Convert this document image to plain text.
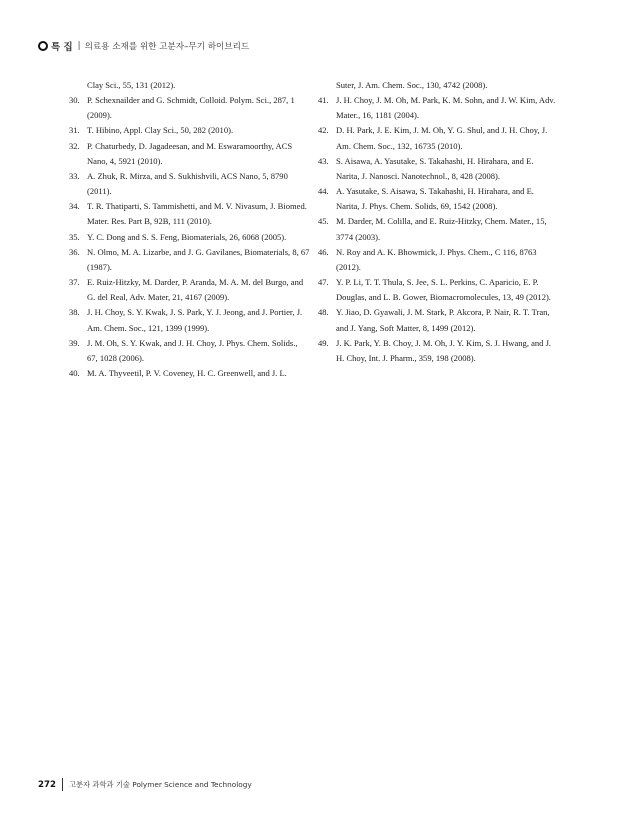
특 집 | 의료용 소재를 위한 고분자–무기 하이브리드
Clay Sci., 55, 131 (2012).
30. P. Schexnailder and G. Schmidt, Colloid. Polym. Sci., 287, 1 (2009).
31. T. Hibino, Appl. Clay Sci., 50, 282 (2010).
32. P. Chaturbedy, D. Jagadeesan, and M. Eswaramoorthy, ACS Nano, 4, 5921 (2010).
33. A. Zhuk, R. Mirza, and S. Sukhishvili, ACS Nano, 5, 8790 (2011).
34. T. R. Thatiparti, S. Tammishetti, and M. V. Nivasum, J. Biomed. Mater. Res. Part B, 92B, 111 (2010).
35. Y. C. Dong and S. S. Feng, Biomaterials, 26, 6068 (2005).
36. N. Olmo, M. A. Lizarbe, and J. G. Gavilanes, Biomaterials, 8, 67 (1987).
37. E. Ruiz-Hitzky, M. Darder, P. Aranda, M. A. M. del Burgo, and G. del Real, Adv. Mater, 21, 4167 (2009).
38. J. H. Choy, S. Y. Kwak, J. S. Park, Y. J. Jeong, and J. Portier, J. Am. Chem. Soc., 121, 1399 (1999).
39. J. M. Oh, S. Y. Kwak, and J. H. Choy, J. Phys. Chem. Solids., 67, 1028 (2006).
40. M. A. Thyveetil, P. V. Coveney, H. C. Greenwell, and J. L.
Suter, J. Am. Chem. Soc., 130, 4742 (2008).
41. J. H. Choy, J. M. Oh, M. Park, K. M. Sohn, and J. W. Kim, Adv. Mater., 16, 1181 (2004).
42. D. H. Park, J. E. Kim, J. M. Oh, Y. G. Shul, and J. H. Choy, J. Am. Chem. Soc., 132, 16735 (2010).
43. S. Aisawa, A. Yasutake, S. Takahashi, H. Hirahara, and E. Narita, J. Nanosci. Nanotechnol., 8, 428 (2008).
44. A. Yasutake, S. Aisawa, S. Takahashi, H. Hirahara, and E. Narita, J. Phys. Chem. Solids, 69, 1542 (2008).
45. M. Darder, M. Colilla, and E. Ruiz-Hitzky, Chem. Mater., 15, 3774 (2003).
46. N. Roy and A. K. Bhowmick, J. Phys. Chem., C 116, 8763 (2012).
47. Y. P. Li, T. T. Thula, S. Jee, S. L. Perkins, C. Aparicio, E. P. Douglas, and L. B. Gower, Biomacromolecules, 13, 49 (2012).
48. Y. Jiao, D. Gyawali, J. M. Stark, P. Akcora, P. Nair, R. T. Tran, and J. Yang, Soft Matter, 8, 1499 (2012).
49. J. K. Park, Y. B. Choy, J. M. Oh, J. Y. Kim, S. J. Hwang, and J. H. Choy, Int. J. Pharm., 359, 198 (2008).
272 고분자 과학과 기술 Polymer Science and Technology
